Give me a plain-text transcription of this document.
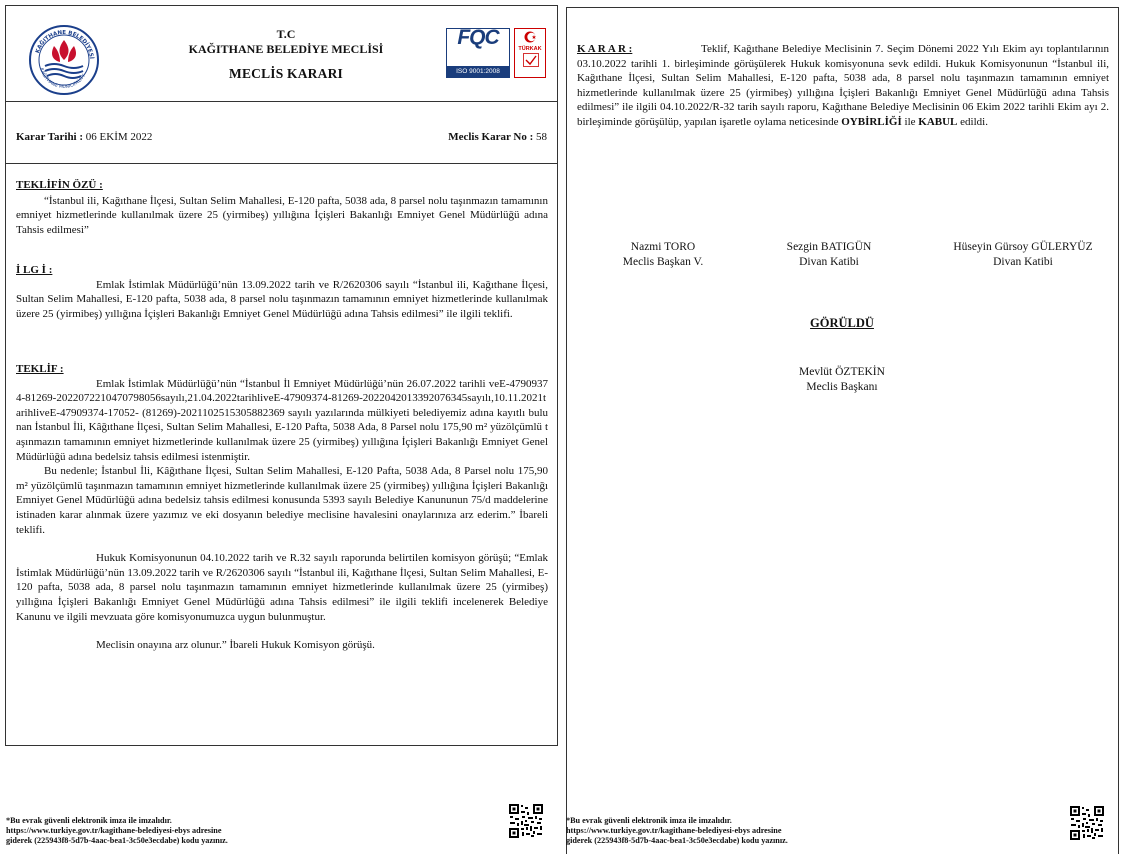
KAĞITHANE BELEDİYESİ
KAĞITHANE MUNICIPALITY
T.C
KAĞITHANE BELEDİYE MECLİSİ
MECLİS KARARI
FQC
ISO 9001:2008
TÜRKAK
Karar Tarihi : 06 EKİM 2022	Meclis Karar No : 58
TEKLİFİN ÖZÜ :
“İstanbul ili, Kağıthane İlçesi, Sultan Selim Mahallesi, E-120 pafta, 5038 ada, 8 parsel nolu taşınmazın tamamının emniyet hizmetlerinde kullanılmak üzere 25 (yirmibeş) yıllığına İçişleri Bakanlığı Emniyet Genel Müdürlüğü adına Tahsis edilmesi”
İ LG İ :
Emlak İstimlak Müdürlüğü’nün 13.09.2022 tarih ve R/2620306 sayılı “İstanbul ili, Kağıthane İlçesi, Sultan Selim Mahallesi, E-120 pafta, 5038 ada, 8 parsel nolu taşınmazın tamamının emniyet hizmetlerinde kullanılmak üzere 25 (yirmibeş) yıllığına İçişleri Bakanlığı Emniyet Genel Müdürlüğü adına Tahsis edilmesi” ile ilgili teklifi.
TEKLİF :
Emlak İstimlak Müdürlüğü’nün “İstanbul İl Emniyet Müdürlüğü’nün 26.07.2022 tarihli veE-47909374-81269-2022072210470798056sayılı,21.04.2022tarihliveE-47909374-81269-2022042013392076345sayılı,10.11.2021tarihliveE-47909374-17052- (81269)-20211025153058823​69 sayılı yazılarında mülkiyeti belediyemiz adına kayıtlı bulunan İstanbul İli, Kâğıthane İlçesi, Sultan Selim Mahallesi, E-120 Pafta, 5038 Ada, 8 Parsel nolu 175,90 m² yüzölçümlü taşınmazın tamamının emniyet hizmetlerinde kullanılmak üzere 25 (yirmibeş) yıllığına İçişleri Bakanlığı Emniyet Genel Müdürlüğü adına bedelsiz tahsis edilmesi istenmiştir.
Bu nedenle; İstanbul İli, Kâğıthane İlçesi, Sultan Selim Mahallesi, E-120 Pafta, 5038 Ada, 8 Parsel nolu 175,90 m² yüzölçümlü taşınmazın tamamının emniyet hizmetlerinde kullanılmak üzere 25 (yirmibeş) yıllığına İçişleri Bakanlığı Emniyet Genel Müdürlüğü adına bedelsiz tahsis edilmesi konusunda 5393 sayılı Belediye Kanununun 75/d maddelerine istinaden karar alınmak üzere yazımız ve eki dosyanın belediye meclisine havalesini onaylarınıza arz ederim.” İbareli teklifi.
Hukuk Komisyonunun 04.10.2022 tarih ve R.32 sayılı raporunda belirtilen komisyon görüşü; “Emlak İstimlak Müdürlüğü’nün 13.09.2022 tarih ve R/2620306 sayılı “İstanbul ili, Kağıthane İlçesi, Sultan Selim Mahallesi, E-120 pafta, 5038 ada, 8 parsel nolu taşınmazın tamamının emniyet hizmetlerinde kullanılmak üzere 25 (yirmibeş) yıllığına İçişleri Bakanlığı Emniyet Genel Müdürlüğü adına Tahsis edilmesi” ile ilgili teklifi incelenerek Belediye Kanunu ve ilgili mevzuata göre komisyonumuzca uygun bulunmuştur.
Meclisin onayına arz olunur.” İbareli Hukuk Komisyon görüşü.
*Bu evrak güvenli elektronik imza ile imzalıdır.
https://www.turkiye.gov.tr/kagithane-belediyesi-ebys adresine
giderek (225943f8-5d7b-4aac-bea1-3c50e3ecdabe) kodu yazınız.
K A R A R :	Teklif, Kağıthane Belediye Meclisinin 7. Seçim Dönemi 2022 Yılı Ekim ayı toplantılarının 03.10.2022 tarihli 1. birleşiminde görüşülerek Hukuk komisyonuna sevk edildi. Hukuk Komisyonunun “İstanbul ili, Kağıthane İlçesi, Sultan Selim Mahallesi, E-120 pafta, 5038 ada, 8 parsel nolu taşınmazın tamamının emniyet hizmetlerinde kullanılmak üzere 25 (yirmibeş) yıllığına İçişleri Bakanlığı Emniyet Genel Müdürlüğü adına Tahsis edilmesi” ile ilgili 04.10.2022/R-32 tarih sayılı raporu, Kağıthane Belediye Meclisinin 06 Ekim 2022 tarihli Ekim ayı 2. birleşiminde görüşülüp, yapılan işaretle oylama neticesinde OYBİRLİĞİ ile KABUL edildi.
Nazmi TORO
Meclis Başkan V.
Sezgin BATIGÜN
Divan Katibi
Hüseyin Gürsoy GÜLERYÜZ
Divan Katibi
GÖRÜLDÜ
Mevlüt ÖZTEKİN
Meclis Başkanı
*Bu evrak güvenli elektronik imza ile imzalıdır.
https://www.turkiye.gov.tr/kagithane-belediyesi-ebys adresine
giderek (225943f8-5d7b-4aac-bea1-3c50e3ecdabe) kodu yazınız.
